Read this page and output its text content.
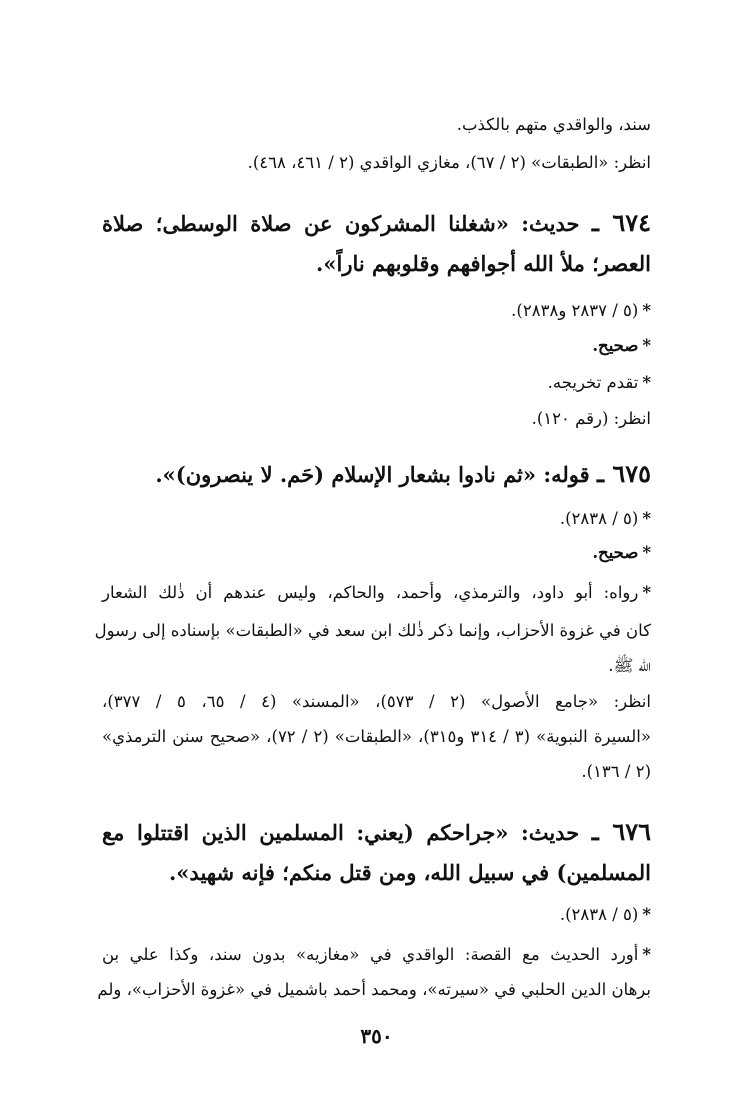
سند، والواقدي متهم بالكذب.
انظر: «الطبقات» (٢ / ٦٧)، مغازي الواقدي (٢ / ٤٦١، ٤٦٨).
٦٧٤ ـ حديث: «شغلنا المشركون عن صلاة الوسطى؛ صلاة
العصر؛ ملأ الله أجوافهم وقلوبهم ناراً».
*(٥ / ٢٨٣٧ و٢٨٣٨).
*صحيح.
*تقدم تخريجه.
انظر: (رقم ١٢٠).
٦٧٥ ـ قوله: «ثم نادوا بشعار الإسلام (حَم. لا ينصرون)».
*(٥ / ٢٨٣٨).
*صحيح.
*رواه: أبو داود، والترمذي، وأحمد، والحاكم، وليس عندهم أن ذٰلك الشعار
كان في غزوة الأحزاب، وإنما ذكر ذٰلك ابن سعد في «الطبقات» بإسناده إلى رسول
الله ﷺ.
انظر: «جامع الأصول» (٢ / ٥٧٣)، «المسند» (٤ / ٦٥، ٥ / ٣٧٧)،
«السيرة النبوية» (٣ / ٣١٤ و٣١٥)، «الطبقات» (٢ / ٧٢)، «صحيح سنن الترمذي»
(٢ / ١٣٦).
٦٧٦ ـ حديث: «جراحكم (يعني: المسلمين الذين اقتتلوا مع
المسلمين) في سبيل الله، ومن قتل منكم؛ فإنه شهيد».
*(٥ / ٢٨٣٨).
*أورد الحديث مع القصة: الواقدي في «مغازيه» بدون سند، وكذا علي بن
برهان الدين الحلبي في «سيرته»، ومحمد أحمد باشميل في «غزوة الأحزاب»، ولم
٣٥٠
